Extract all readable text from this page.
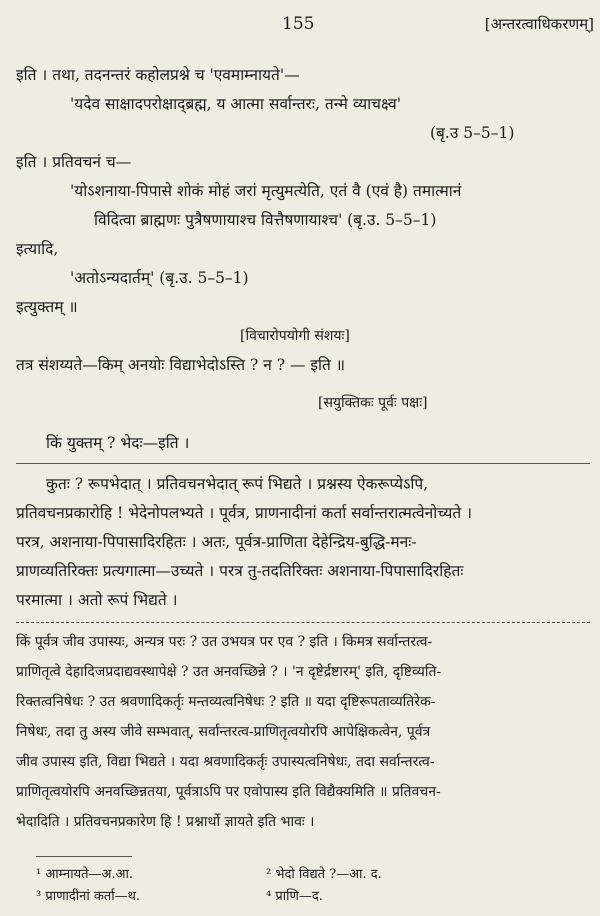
155	[अन्तरत्वाधिकरणम्]
इति । तथा, तदनन्तरं कहोलप्रश्ने च 'एवमाम्नायते'—
'यदेव साक्षादपरोक्षाद्ब्रह्म, य आत्मा सर्वान्तरः, तन्मे व्याचक्ष्व'
(बृ.उ 5–5–1)
इति । प्रतिवचनं च—
'योऽशनाया-पिपासे शोकं मोहं जरां मृत्युमत्येति, एतं वै (एवं है) तमात्मानं
विदित्वा ब्राह्मणः पुत्रैषणायाश्च वित्तैषणायाश्च' (बृ.उ. 5–5–1)
इत्यादि,
'अतोऽन्यदार्तम्' (बृ.उ. 5–5–1)
इत्युक्तम् ॥
[विचारोपयोगी संशयः]
तत्र संशय्यते—किम् अनयोः विद्याभेदोऽस्ति ? न ? — इति ॥
[सयुक्तिकः पूर्वः पक्षः]
किं युक्तम् ? भेदः—इति ।
कुतः ? रूपभेदात् । प्रतिवचनभेदात् रूपं भिद्यते । प्रश्नस्य ऐकरूप्येऽपि,
प्रतिवचनप्रकारोहि ! भेदेनोपलभ्यते । पूर्वत्र, प्राणनादीनां कर्ता सर्वान्तरात्मत्वेनोच्यते ।
परत्र, अशनाया-पिपासादिरहितः । अतः, पूर्वत्र-प्राणिता देहेन्द्रिय-बुद्धि-मनः-
प्राणव्यतिरिक्तः प्रत्यगात्मा—उच्यते । परत्र तु-तदतिरिक्तः अशनाया-पिपासादिरहितः
परमात्मा । अतो रूपं भिद्यते ।
किं पूर्वत्र जीव उपास्यः, अन्यत्र परः ? उत उभयत्र पर एव ? इति । किमत्र सर्वान्तरत्व-
प्राणितृत्वे देहादिजप्रदाद्यवस्थापेक्षे ? उत अनवच्छिन्ने ? । 'न दृष्टेर्द्रष्टारम्' इति, दृष्टिव्यति-
रिक्तत्वनिषेधः ? उत श्रवणादिकर्तृः मन्तव्यत्वनिषेधः ? इति ॥ यदा दृष्टिरूपताव्यतिरेक-
निषेधः, तदा तु अस्य जीवे सम्भवात्, सर्वान्तरत्व-प्राणितृत्वयोरपि आपेक्षिकत्वेन, पूर्वत्र
जीव उपास्य इति, विद्या भिद्यते । यदा श्रवणादिकर्तृः उपास्यत्वनिषेधः, तदा सर्वान्तरत्व-
प्राणितृत्वयोरपि अनवच्छिन्नतया, पूर्वत्राऽपि पर एवोपास्य इति विद्यैक्यमिति ॥ प्रतिवचन-
भेदादिति । प्रतिवचनप्रकारेण हि ! प्रश्नार्थो ज्ञायते इति भावः ।
¹ आम्नायते—अ.आ.	² भेदो विद्यते ?—आ. द.
³ प्राणादीनां कर्ता—थ.	⁴ प्राणि—द.
